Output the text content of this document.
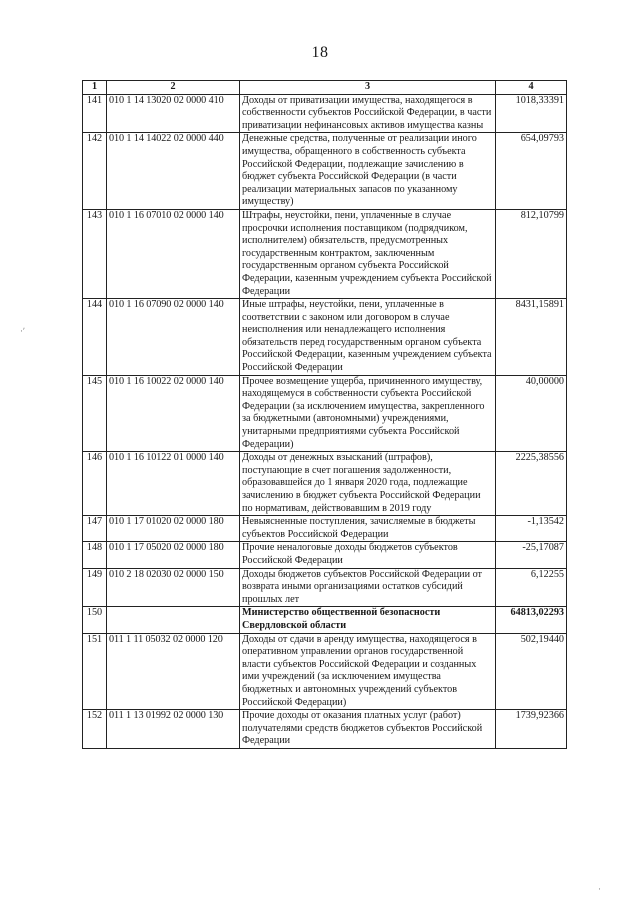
18
·ʹ
·
1	2	3	4
141	010 1 14 13020 02 0000 410	Доходы от приватизации имущества, находящегося в собственности субъектов Российской Федерации, в части приватизации нефинансовых активов имущества казны	1018,33391
142	010 1 14 14022 02 0000 440	Денежные средства, полученные от реализации иного имущества, обращенного в собственность субъекта Российской Федерации, подлежащие зачислению в бюджет субъекта Российской Федерации (в части реализации материальных запасов по указанному имуществу)	654,09793
143	010 1 16 07010 02 0000 140	Штрафы, неустойки, пени, уплаченные в случае просрочки исполнения поставщиком (подрядчиком, исполнителем) обязательств, предусмотренных государственным контрактом, заключенным государственным органом субъекта Российской Федерации, казенным учреждением субъекта Российской Федерации	812,10799
144	010 1 16 07090 02 0000 140	Иные штрафы, неустойки, пени, уплаченные в соответствии с законом или договором в случае неисполнения или ненадлежащего исполнения обязательств перед государственным органом субъекта Российской Федерации, казенным учреждением субъекта Российской Федерации	8431,15891
145	010 1 16 10022 02 0000 140	Прочее возмещение ущерба, причиненного имуществу, находящемуся в собственности субъекта Российской Федерации (за исключением имущества, закрепленного за бюджетными (автономными) учреждениями, унитарными предприятиями субъекта Российской Федерации)	40,00000
146	010 1 16 10122 01 0000 140	Доходы от денежных взысканий (штрафов), поступающие в счет погашения задолженности, образовавшейся до 1 января 2020 года, подлежащие зачислению в бюджет субъекта Российской Федерации по нормативам, действовавшим в 2019 году	2225,38556
147	010 1 17 01020 02 0000 180	Невыясненные поступления, зачисляемые в бюджеты субъектов Российской Федерации	-1,13542
148	010 1 17 05020 02 0000 180	Прочие неналоговые доходы бюджетов субъектов Российской Федерации	-25,17087
149	010 2 18 02030 02 0000 150	Доходы бюджетов субъектов Российской Федерации от возврата иными организациями остатков субсидий прошлых лет	6,12255
150		Министерство общественной безопасности Свердловской области	64813,02293
151	011 1 11 05032 02 0000 120	Доходы от сдачи в аренду имущества, находящегося в оперативном управлении органов государственной власти субъектов Российской Федерации и созданных ими учреждений (за исключением имущества бюджетных и автономных учреждений субъектов Российской Федерации)	502,19440
152	011 1 13 01992 02 0000 130	Прочие доходы от оказания платных услуг (работ) получателями средств бюджетов субъектов Российской Федерации	1739,92366
